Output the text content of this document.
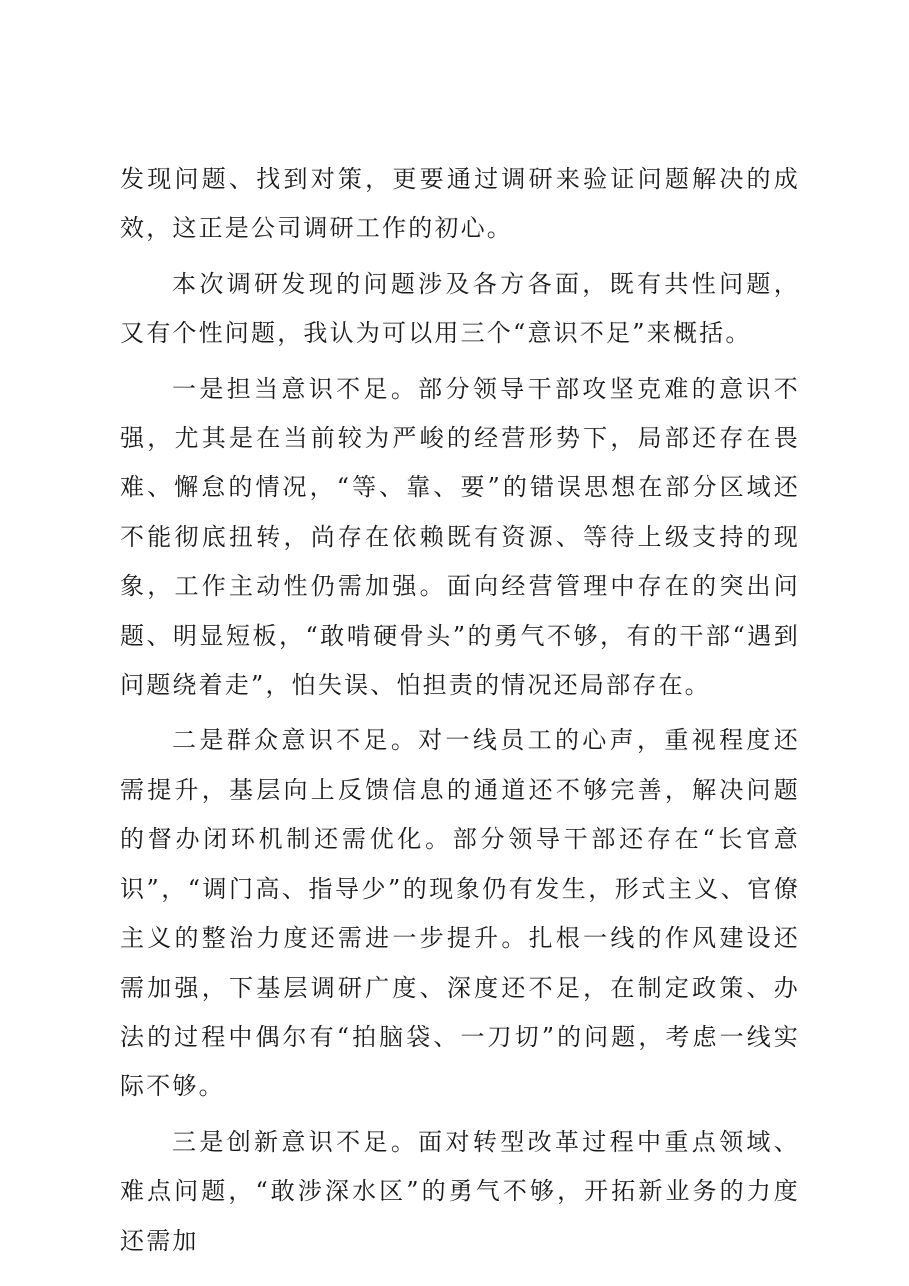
发现问题、找到对策，更要通过调研来验证问题解决的成效，这正是公司调研工作的初心。

本次调研发现的问题涉及各方各面，既有共性问题，又有个性问题，我认为可以用三个“意识不足”来概括。

一是担当意识不足。部分领导干部攻坚克难的意识不强，尤其是在当前较为严峻的经营形势下，局部还存在畏难、懈怠的情况，“等、靠、要”的错误思想在部分区域还不能彻底扭转，尚存在依赖既有资源、等待上级支持的现象，工作主动性仍需加强。面向经营管理中存在的突出问题、明显短板，“敢啃硬骨头”的勇气不够，有的干部“遇到问题绕着走”，怕失误、怕担责的情况还局部存在。

二是群众意识不足。对一线员工的心声，重视程度还需提升，基层向上反馈信息的通道还不够完善，解决问题的督办闭环机制还需优化。部分领导干部还存在“长官意识”，“调门高、指导少”的现象仍有发生，形式主义、官僚主义的整治力度还需进一步提升。扎根一线的作风建设还需加强，下基层调研广度、深度还不足，在制定政策、办法的过程中偶尔有“拍脑袋、一刀切”的问题，考虑一线实际不够。

三是创新意识不足。面对转型改革过程中重点领域、难点问题，“敢涉深水区”的勇气不够，开拓新业务的力度还需加
